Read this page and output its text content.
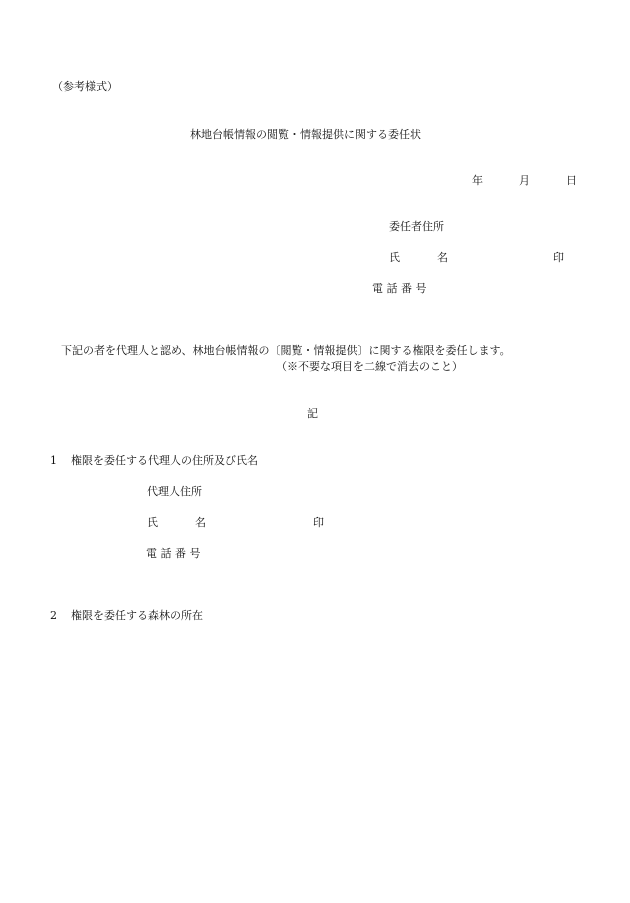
（参考様式）
林地台帳情報の閲覧・情報提供に関する委任状
年	月	日
委任者住所
氏	名	印
電 話 番 号
下記の者を代理人と認め、林地台帳情報の〔閲覧・情報提供〕に関する権限を委任します。
（※不要な項目を二線で消去のこと）
記
1 権限を委任する代理人の住所及び氏名
代理人住所
氏	名	印
電 話 番 号
2 権限を委任する森林の所在
